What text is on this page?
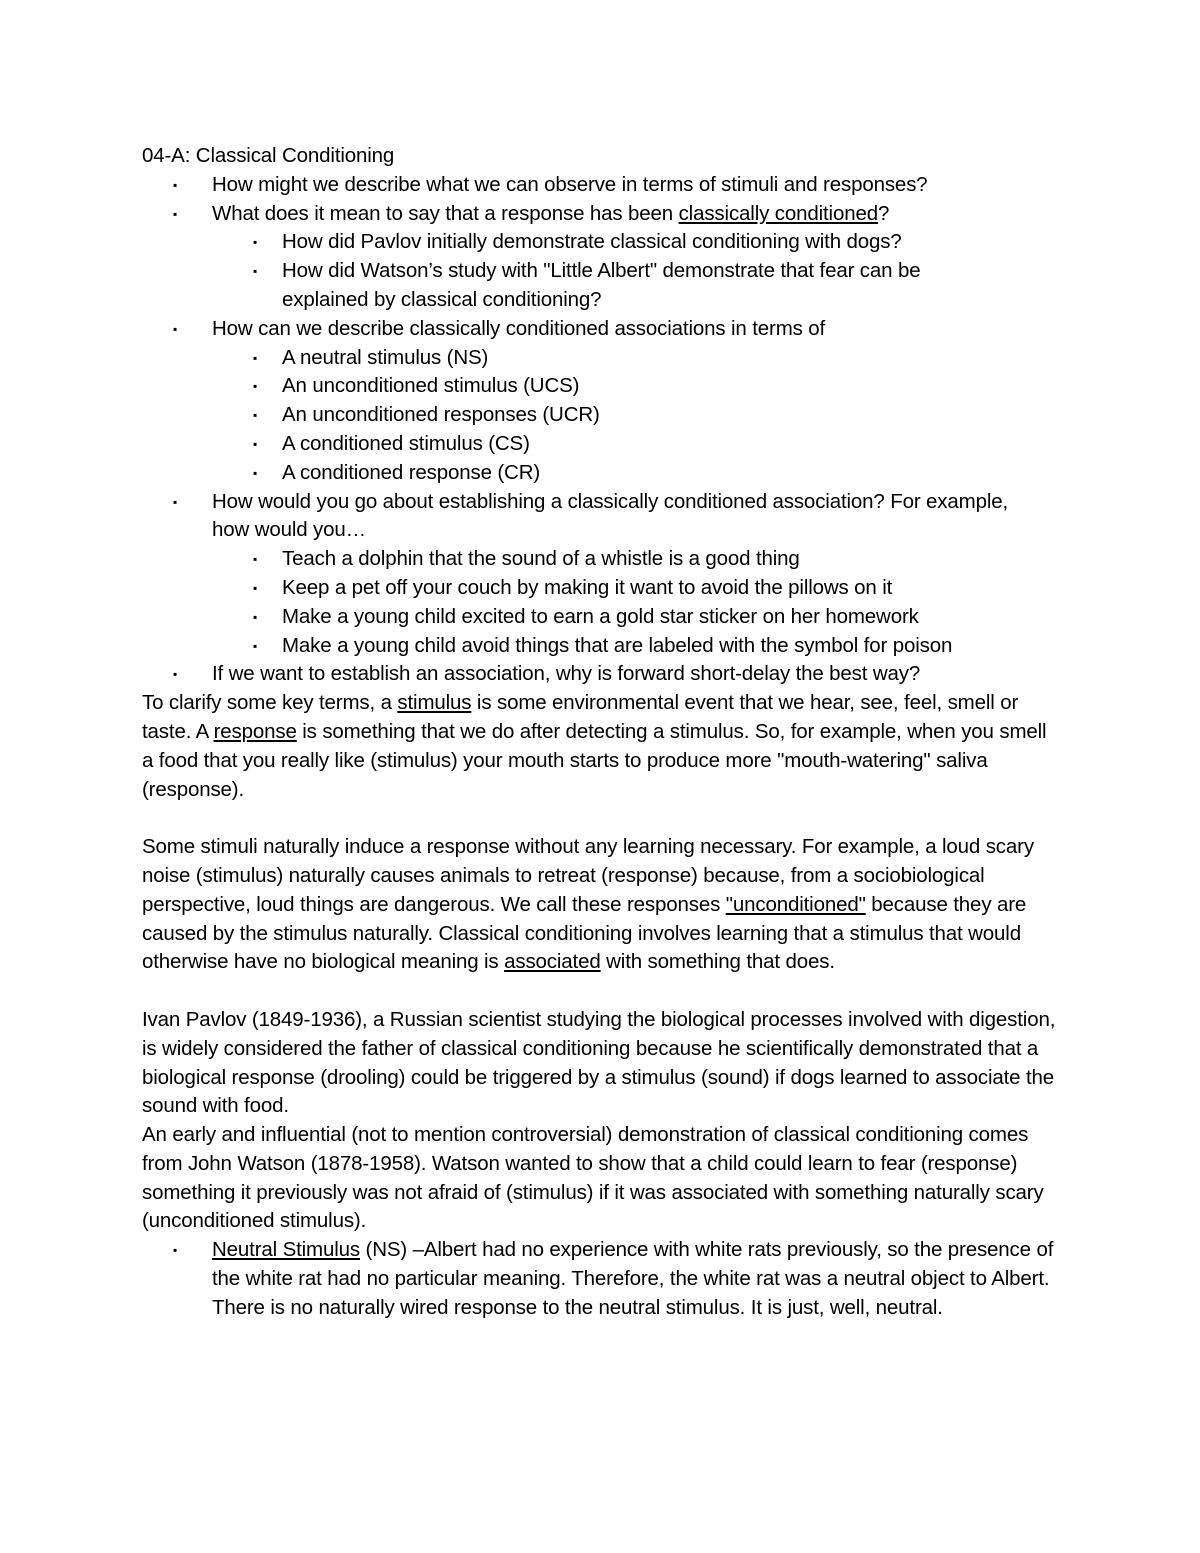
04-A: Classical Conditioning
▪ How might we describe what we can observe in terms of stimuli and responses?
▪ What does it mean to say that a response has been classically conditioned?
▪ How did Pavlov initially demonstrate classical conditioning with dogs?
▪ How did Watson’s study with "Little Albert" demonstrate that fear can be
explained by classical conditioning?
▪ How can we describe classically conditioned associations in terms of
▪ A neutral stimulus (NS)
▪ An unconditioned stimulus (UCS)
▪ An unconditioned responses (UCR)
▪ A conditioned stimulus (CS)
▪ A conditioned response (CR)
▪ How would you go about establishing a classically conditioned association? For example,
how would you…
▪ Teach a dolphin that the sound of a whistle is a good thing
▪ Keep a pet off your couch by making it want to avoid the pillows on it
▪ Make a young child excited to earn a gold star sticker on her homework
▪ Make a young child avoid things that are labeled with the symbol for poison
▪ If we want to establish an association, why is forward short-delay the best way?
To clarify some key terms, a stimulus is some environmental event that we hear, see, feel, smell or taste. A response is something that we do after detecting a stimulus. So, for example, when you smell a food that you really like (stimulus) your mouth starts to produce more "mouth-watering" saliva (response).
Some stimuli naturally induce a response without any learning necessary. For example, a loud scary noise (stimulus) naturally causes animals to retreat (response) because, from a sociobiological perspective, loud things are dangerous. We call these responses "unconditioned" because they are caused by the stimulus naturally. Classical conditioning involves learning that a stimulus that would otherwise have no biological meaning is associated with something that does.
Ivan Pavlov (1849-1936), a Russian scientist studying the biological processes involved with digestion, is widely considered the father of classical conditioning because he scientifically demonstrated that a biological response (drooling) could be triggered by a stimulus (sound) if dogs learned to associate the sound with food.
An early and influential (not to mention controversial) demonstration of classical conditioning comes from John Watson (1878-1958). Watson wanted to show that a child could learn to fear (response) something it previously was not afraid of (stimulus) if it was associated with something naturally scary (unconditioned stimulus).
▪ Neutral Stimulus (NS) –Albert had no experience with white rats previously, so the presence of the white rat had no particular meaning. Therefore, the white rat was a neutral object to Albert. There is no naturally wired response to the neutral stimulus. It is just, well, neutral.
